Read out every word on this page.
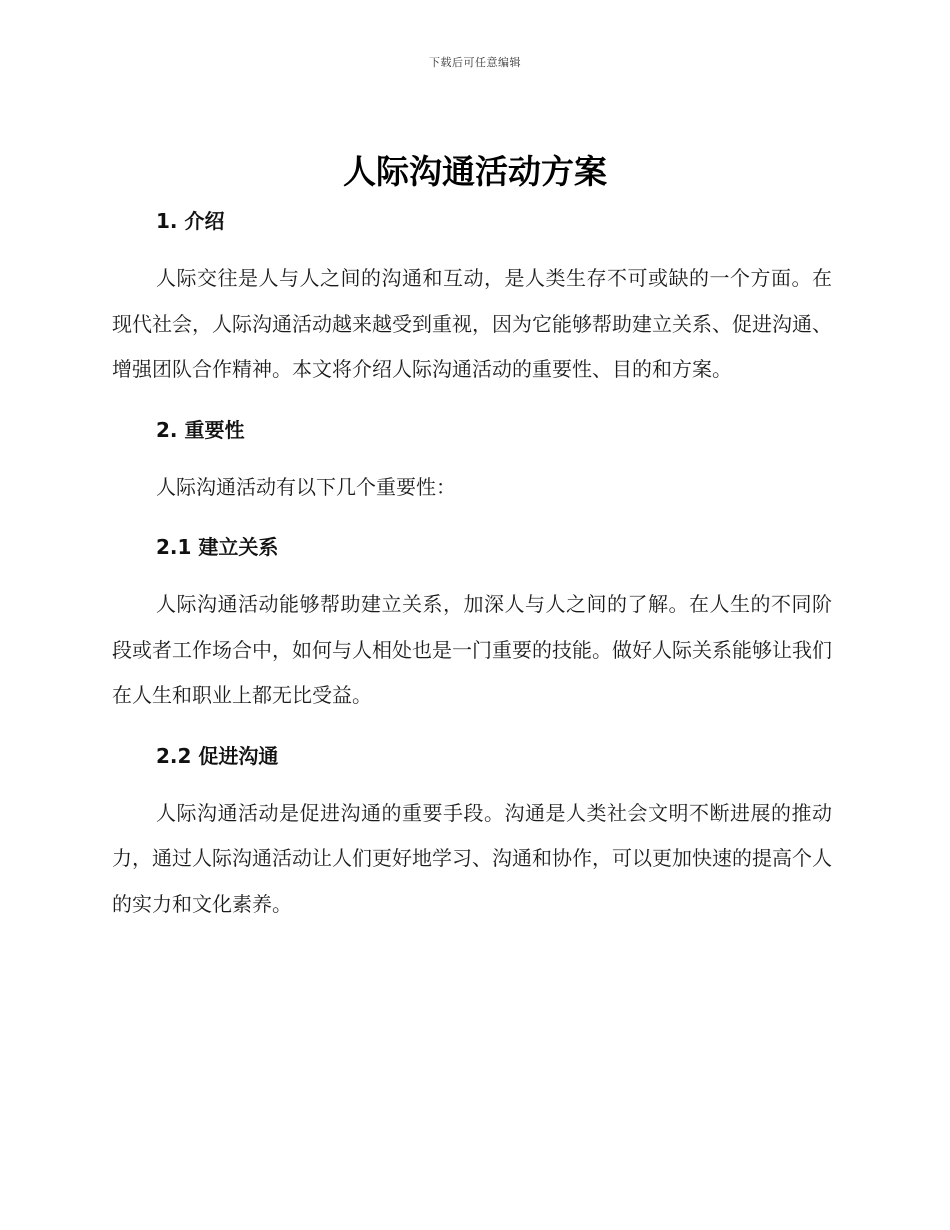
下载后可任意编辑
人际沟通活动方案
1. 介绍

人际交往是人与人之间的沟通和互动，是人类生存不可或缺的一个方面。在现代社会，人际沟通活动越来越受到重视，因为它能够帮助建立关系、促进沟通、增强团队合作精神。本文将介绍人际沟通活动的重要性、目的和方案。

2. 重要性

人际沟通活动有以下几个重要性：

2.1 建立关系

人际沟通活动能够帮助建立关系，加深人与人之间的了解。在人生的不同阶段或者工作场合中，如何与人相处也是一门重要的技能。做好人际关系能够让我们在人生和职业上都无比受益。

2.2 促进沟通

人际沟通活动是促进沟通的重要手段。沟通是人类社会文明不断进展的推动力，通过人际沟通活动让人们更好地学习、沟通和协作，可以更加快速的提高个人的实力和文化素养。
